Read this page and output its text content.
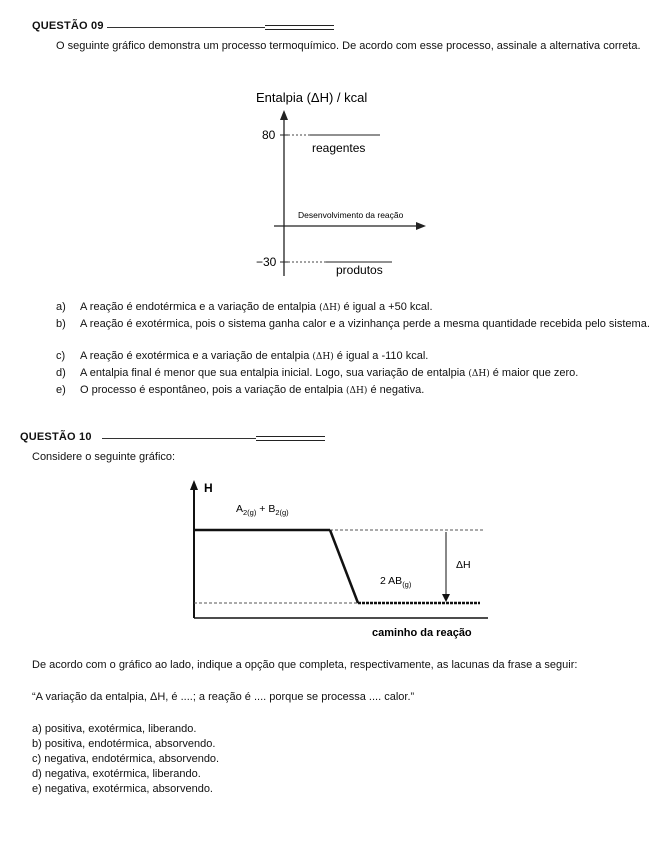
QUESTÃO 09
O seguinte gráfico demonstra um processo termoquímico. De acordo com esse processo, assinale a alternativa correta.
Entalpia (ΔH) / kcal
80
reagentes
Desenvolvimento da reação
−30
produtos
a) A reação é endotérmica e a variação de entalpia (ΔH) é igual a +50 kcal.
b) A reação é exotérmica, pois o sistema ganha calor e a vizinhança perde a mesma quantidade recebida pelo sistema.
c) A reação é exotérmica e a variação de entalpia (ΔH) é igual a -110 kcal.
d) A entalpia final é menor que sua entalpia inicial. Logo, sua variação de entalpia (ΔH) é maior que zero.
e) O processo é espontâneo, pois a variação de entalpia (ΔH) é negativa.
QUESTÃO 10
Considere o seguinte gráfico:
H
$A_{2(g)} + B_{2(g)}$
2 $AB_{(g)}$
ΔH
caminho da reação
De acordo com o gráfico ao lado, indique a opção que completa, respectivamente, as lacunas da frase a seguir:
“A variação da entalpia, ΔH, é ....; a reação é .... porque se processa .... calor.”
a) positiva, exotérmica, liberando.
b) positiva, endotérmica, absorvendo.
c) negativa, endotérmica, absorvendo.
d) negativa, exotérmica, liberando.
e) negativa, exotérmica, absorvendo.
